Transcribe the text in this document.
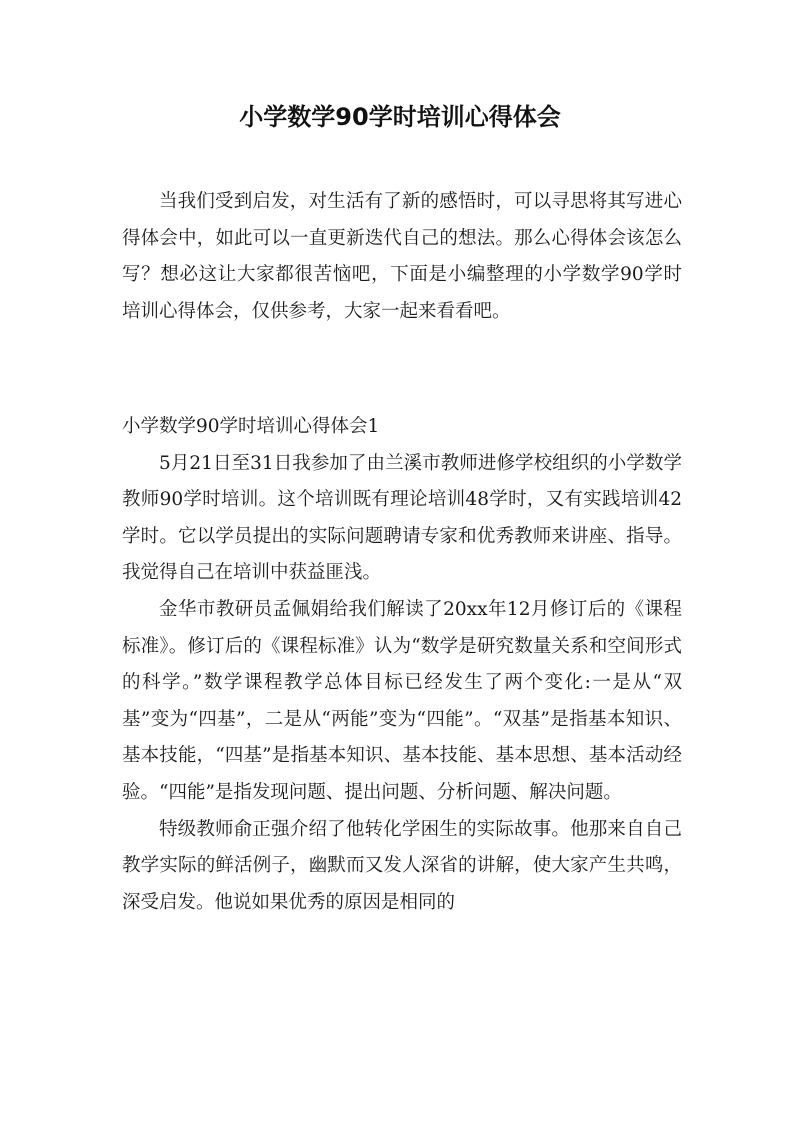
小学数学90学时培训心得体会

当我们受到启发，对生活有了新的感悟时，可以寻思将其写进心得体会中，如此可以一直更新迭代自己的想法。那么心得体会该怎么写？想必这让大家都很苦恼吧，下面是小编整理的小学数学90学时培训心得体会，仅供参考，大家一起来看看吧。

小学数学90学时培训心得体会1

5月21日至31日我参加了由兰溪市教师进修学校组织的小学数学教师90学时培训。这个培训既有理论培训48学时，又有实践培训42学时。它以学员提出的实际问题聘请专家和优秀教师来讲座、指导。我觉得自己在培训中获益匪浅。

金华市教研员孟佩娟给我们解读了20xx年12月修订后的《课程标准》。修订后的《课程标准》认为“数学是研究数量关系和空间形式的科学。”数学课程教学总体目标已经发生了两个变化:一是从“双基”变为“四基”，二是从“两能”变为“四能”。“双基”是指基本知识、基本技能，“四基”是指基本知识、基本技能、基本思想、基本活动经验。“四能”是指发现问题、提出问题、分析问题、解决问题。

特级教师俞正强介绍了他转化学困生的实际故事。他那来自自己教学实际的鲜活例子，幽默而又发人深省的讲解，使大家产生共鸣，深受启发。他说如果优秀的原因是相同的
